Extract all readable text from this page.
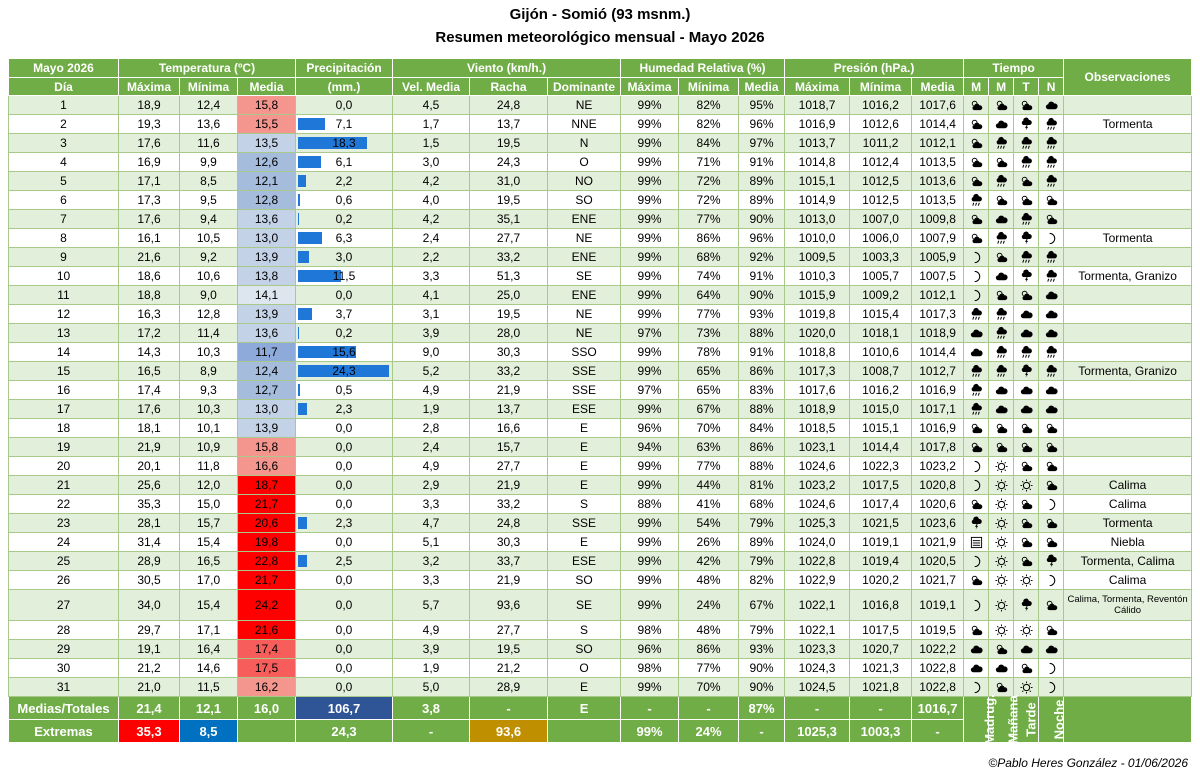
Gijón - Somió (93 msnm.)
Resumen meteorológico mensual - Mayo 2026
Mayo 2026	Temperatura (ºC)			Precipitación	Viento (km/h.)			Humedad Relativa (%)			Presión (hPa.)			Tiempo				Observaciones
Día	Máxima	Mínima	Media	(mm.)	Vel. Media	Racha	Dominante	Máxima	Mínima	Media	Máxima	Mínima	Media	M	M	T	N	
1	18,9	12,4	15,8	0,0	4,5	24,8	NE	99%	82%	95%	1018,7	1016,2	1017,6					
2	19,3	13,6	15,5	7,1	1,7	13,7	NNE	99%	82%	96%	1016,9	1012,6	1014,4					Tormenta
3	17,6	11,6	13,5	18,3	1,5	19,5	N	99%	84%	97%	1013,7	1011,2	1012,1					
4	16,9	9,9	12,6	6,1	3,0	24,3	O	99%	71%	91%	1014,8	1012,4	1013,5					
5	17,1	8,5	12,1	2,2	4,2	31,0	NO	99%	72%	89%	1015,1	1012,5	1013,6					
6	17,3	9,5	12,8	0,6	4,0	19,5	SO	99%	72%	89%	1014,9	1012,5	1013,5					
7	17,6	9,4	13,6	0,2	4,2	35,1	ENE	99%	77%	90%	1013,0	1007,0	1009,8					
8	16,1	10,5	13,0	6,3	2,4	27,7	NE	99%	86%	96%	1010,0	1006,0	1007,9					Tormenta
9	21,6	9,2	13,9	3,0	2,2	33,2	ENE	99%	68%	92%	1009,5	1003,3	1005,9					
10	18,6	10,6	13,8	11,5	3,3	51,3	SE	99%	74%	91%	1010,3	1005,7	1007,5					Tormenta, Granizo
11	18,8	9,0	14,1	0,0	4,1	25,0	ENE	99%	64%	90%	1015,9	1009,2	1012,1					
12	16,3	12,8	13,9	3,7	3,1	19,5	NE	99%	77%	93%	1019,8	1015,4	1017,3					
13	17,2	11,4	13,6	0,2	3,9	28,0	NE	97%	73%	88%	1020,0	1018,1	1018,9					
14	14,3	10,3	11,7	15,6	9,0	30,3	SSO	99%	78%	91%	1018,8	1010,6	1014,4					
15	16,5	8,9	12,4	24,3	5,2	33,2	SSE	99%	65%	86%	1017,3	1008,7	1012,7					Tormenta, Granizo
16	17,4	9,3	12,7	0,5	4,9	21,9	SSE	97%	65%	83%	1017,6	1016,2	1016,9					
17	17,6	10,3	13,0	2,3	1,9	13,7	ESE	99%	67%	88%	1018,9	1015,0	1017,1					
18	18,1	10,1	13,9	0,0	2,8	16,6	E	96%	70%	84%	1018,5	1015,1	1016,9					
19	21,9	10,9	15,8	0,0	2,4	15,7	E	94%	63%	86%	1023,1	1014,4	1017,8					
20	20,1	11,8	16,6	0,0	4,9	27,7	E	99%	77%	88%	1024,6	1022,3	1023,2					
21	25,6	12,0	18,7	0,0	2,9	21,9	E	99%	44%	81%	1023,2	1017,5	1020,8					Calima
22	35,3	15,0	21,7	0,0	3,3	33,2	S	88%	41%	68%	1024,6	1017,4	1020,6					Calima
23	28,1	15,7	20,6	2,3	4,7	24,8	SSE	99%	54%	79%	1025,3	1021,5	1023,6					Tormenta
24	31,4	15,4	19,8	0,0	5,1	30,3	E	99%	26%	89%	1024,0	1019,1	1021,9					Niebla
25	28,9	16,5	22,8	2,5	3,2	33,7	ESE	99%	42%	79%	1022,8	1019,4	1020,5					Tormenta, Calima
26	30,5	17,0	21,7	0,0	3,3	21,9	SO	99%	48%	82%	1022,9	1020,2	1021,7					Calima
27	34,0	15,4	24,2	0,0	5,7	93,6	SE	99%	24%	67%	1022,1	1016,8	1019,1					Calima, Tormenta, Reventón Cálido
28	29,7	17,1	21,6	0,0	4,9	27,7	S	98%	48%	79%	1022,1	1017,5	1019,5					
29	19,1	16,4	17,4	0,0	3,9	19,5	SO	96%	86%	93%	1023,3	1020,7	1022,2					
30	21,2	14,6	17,5	0,0	1,9	21,2	O	98%	77%	90%	1024,3	1021,3	1022,8					
31	21,0	11,5	16,2	0,0	5,0	28,9	E	99%	70%	90%	1024,5	1021,8	1022,8					
Medias/Totales	21,4	12,1	16,0	106,7	3,8	-	E	-	-	87%	-	-	1016,7	Madrug.	Mañana	Tarde	Noche	
Extremas	35,3	8,5		24,3	-	93,6		99%	24%	-	1025,3	1003,3	-					
©Pablo Heres González - 01/06/2026
